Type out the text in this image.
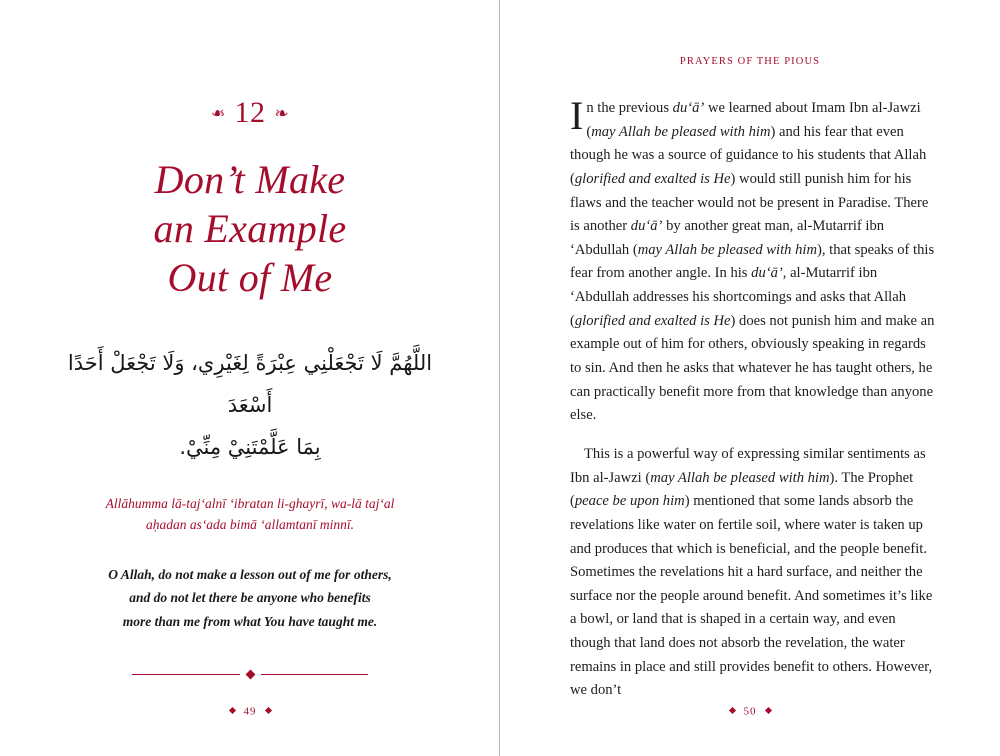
❧ 12 ❧
Don’t Make
an Example
Out of Me
اللَّهُمَّ لَا تَجْعَلْنِي عِبْرَةً لِغَيْرِي، وَلَا تَجْعَلْ أَحَدًا أَسْعَدَ
بِمَا عَلَّمْتَنِيْ مِنِّيْ.
Allāhumma lā-taj‘alnī ‘ibratan li-ghayrī, wa-lā taj‘al
aḥadan as‘ada bimā ‘allamtanī minnī.
O Allah, do not make a lesson out of me for others,
and do not let there be anyone who benefits
more than me from what You have taught me.
49
PRAYERS OF THE PIOUS

In the previous du‘ā’ we learned about Imam Ibn al-Jawzi (may Allah be pleased with him) and his fear that even though he was a source of guidance to his students that Allah (glorified and exalted is He) would still punish him for his flaws and the teacher would not be present in Paradise. There is another du‘ā’ by another great man, al-Mutarrif ibn ‘Abdullah (may Allah be pleased with him), that speaks of this fear from another angle. In his du‘ā’, al-Mutarrif ibn ‘Abdullah addresses his shortcomings and asks that Allah (glorified and exalted is He) does not punish him and make an example out of him for others, obviously speaking in regards to sin. And then he asks that whatever he has taught others, he can practically benefit more from that knowledge than anyone else.

This is a powerful way of expressing similar sentiments as Ibn al-Jawzi (may Allah be pleased with him). The Prophet (peace be upon him) mentioned that some lands absorb the revelations like water on fertile soil, where water is taken up and produces that which is beneficial, and the people benefit. Sometimes the revelations hit a hard surface, and neither the surface nor the people around benefit. And sometimes it’s like a bowl, or land that is shaped in a certain way, and even though that land does not absorb the revelation, the water remains in place and still provides benefit to others. However, we don’t

50
